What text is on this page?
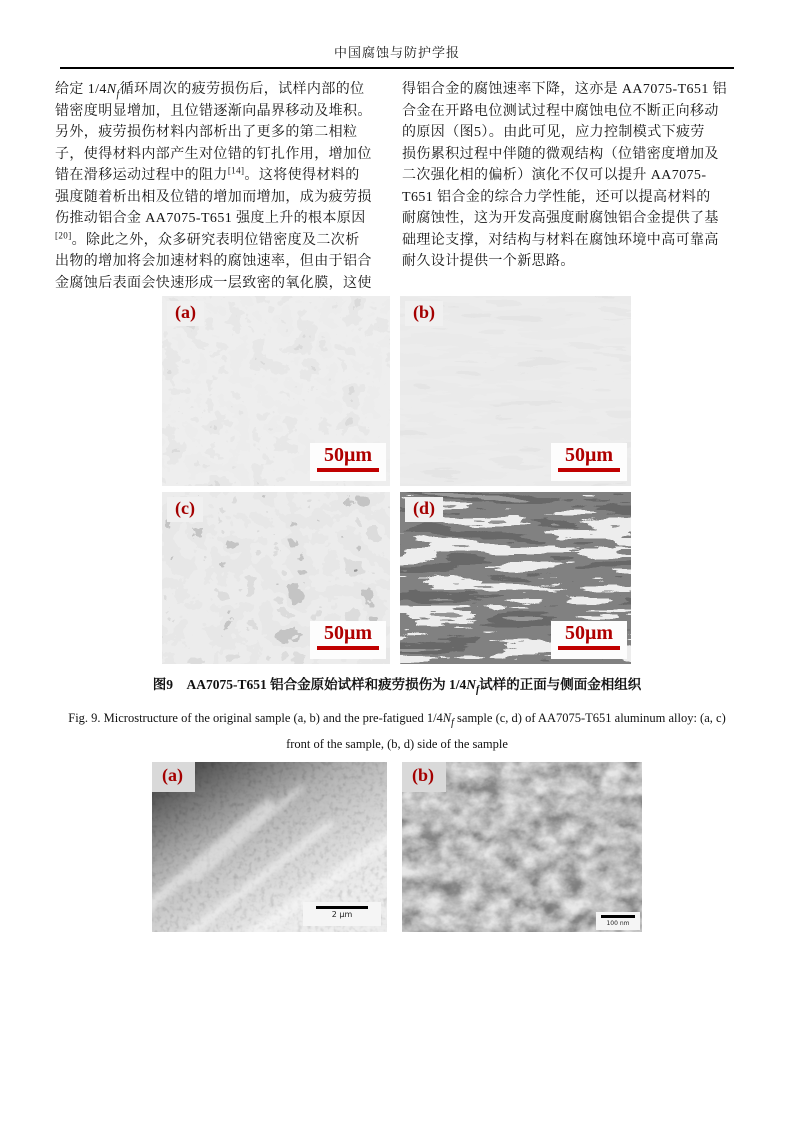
中国腐蚀与防护学报
给定 $1/4N_f$循环周次的疲劳损伤后，试样内部的位
错密度明显增加，且位错逐渐向晶界移动及堆积。
另外，疲劳损伤材料内部析出了更多的第二相粒
子，使得材料内部产生对位错的钉扎作用，增加位
错在滑移运动过程中的阻力[14]。这将使得材料的
强度随着析出相及位错的增加而增加，成为疲劳损
伤推动铝合金 AA7075-T651 强度上升的根本原因
[20]。除此之外，众多研究表明位错密度及二次析
出物的增加将会加速材料的腐蚀速率，但由于铝合
金腐蚀后表面会快速形成一层致密的氧化膜，这使
得铝合金的腐蚀速率下降，这亦是 AA7075-T651 铝
合金在开路电位测试过程中腐蚀电位不断正向移动
的原因（图5）。由此可见，应力控制模式下疲劳
损伤累积过程中伴随的微观结构（位错密度增加及
二次强化相的偏析）演化不仅可以提升 AA7075-
T651 铝合金的综合力学性能，还可以提高材料的
耐腐蚀性，这为开发高强度耐腐蚀铝合金提供了基
础理论支撑，对结构与材料在腐蚀环境中高可靠高
耐久设计提供一个新思路。
(a)
50μm
(b)
50μm
(c)
50μm
(d)
50μm
图9　AA7075-T651 铝合金原始试样和疲劳损伤为 $1/4N_f$试样的正面与侧面金相组织
Fig. 9. Microstructure of the original sample (a, b) and the pre-fatigued $1/4N_f$ sample (c, d) of AA7075-T651 aluminum alloy: (a, c)
front of the sample, (b, d) side of the sample
(a)
2 μm
(b)
100 nm
